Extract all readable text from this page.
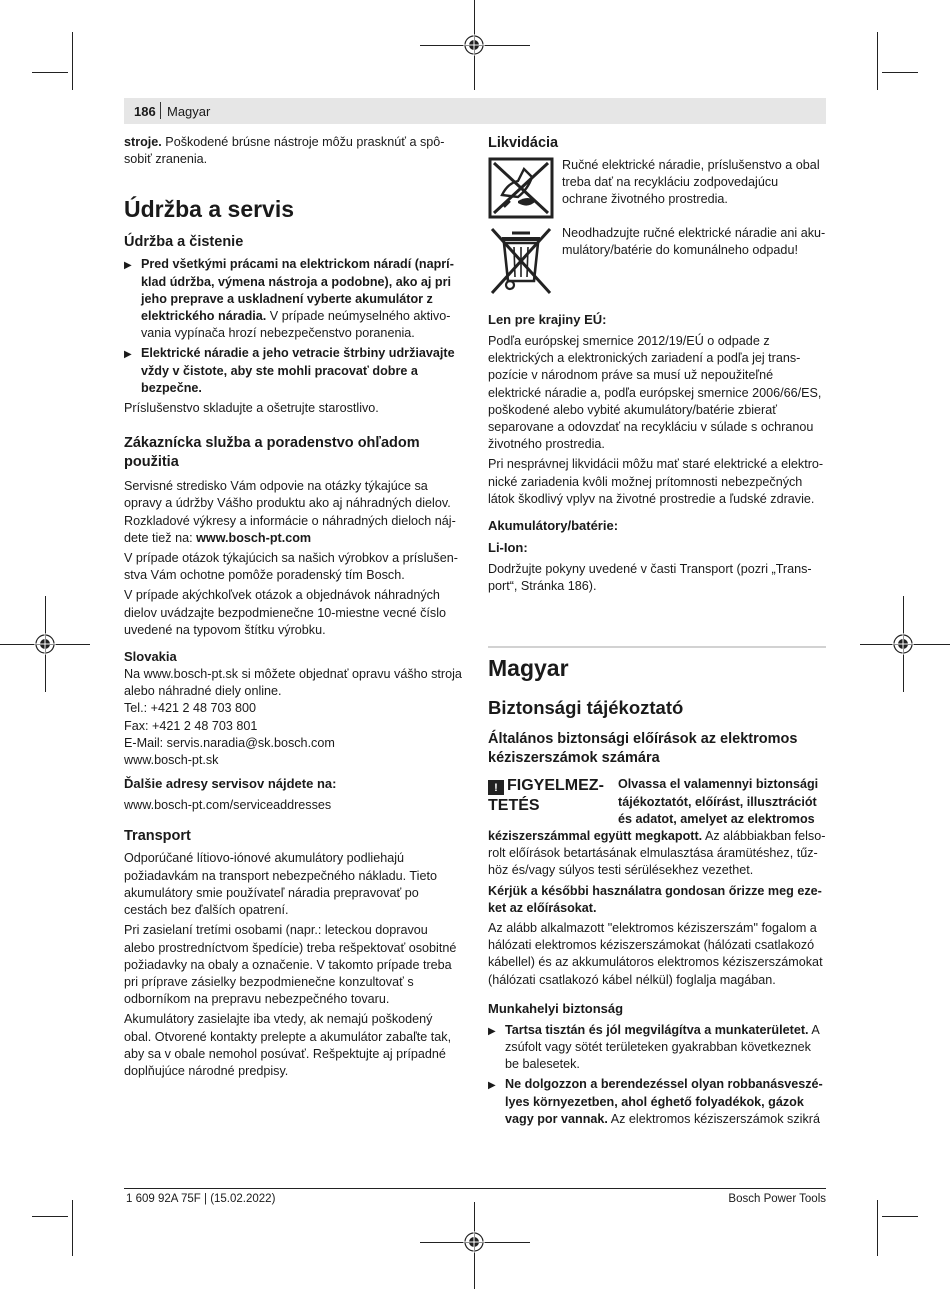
186 Magyar

stroje. Poškodené brúsne nástroje môžu prasknúť a spôsobiť zranenia.

Údržba a servis
Údržba a čistenie
▶ Pred všetkými prácami na elektrickom náradí (napríklad údržba, výmena nástroja a podobne), ako aj pri jeho preprave a uskladnení vyberte akumulátor z elektrického náradia. V prípade neúmyselného aktivovania vypínača hrozí nebezpečenstvo poranenia.
▶ Elektrické náradie a jeho vetracie štrbiny udržiavajte vždy v čistote, aby ste mohli pracovať dobre a bezpečne.

Príslušenstvo skladujte a ošetrujte starostlivo.

Zákaznícka služba a poradenstvo ohľadom použitia

Servisné stredisko Vám odpovie na otázky týkajúce sa opravy a údržby Vášho produktu ako aj náhradných dielov. Rozkladové výkresy a informácie o náhradných dieloch nájdete tiež na: www.bosch-pt.com

V prípade otázok týkajúcich sa našich výrobkov a príslušenstva Vám ochotne pomôže poradenský tím Bosch.

V prípade akýchkoľvek otázok a objednávok náhradných dielov uvádzajte bezpodmienečne 10-miestne vecné číslo uvedené na typovom štítku výrobku.

Slovakia
Na www.bosch-pt.sk si môžete objednať opravu vášho stroja alebo náhradné diely online.
Tel.: +421 2 48 703 800
Fax: +421 2 48 703 801
E-Mail: servis.naradia@sk.bosch.com
www.bosch-pt.sk
Ďalšie adresy servisov nájdete na:

www.bosch-pt.com/serviceaddresses

Transport

Odporúčané lítiovo-iónové akumulátory podliehajú požiadavkám na transport nebezpečného nákladu. Tieto akumulátory smie používateľ náradia prepravovať po cestách bez ďalších opatrení.

Pri zasielaní tretími osobami (napr.: leteckou dopravou alebo prostredníctvom špedície) treba rešpektovať osobitné požiadavky na obaly a označenie. V takomto prípade treba pri príprave zásielky bezpodmienečne konzultovať s odborníkom na prepravu nebezpečného tovaru.

Akumulátory zasielajte iba vtedy, ak nemajú poškodený obal. Otvorené kontakty prelepte a akumulátor zabaľte tak, aby sa v obale nemohol posúvať. Rešpektujte aj prípadné doplňujúce národné predpisy.

Likvidácia
Ručné elektrické náradie, príslušenstvo a obal treba dať na recykláciu zodpovedajúcu ochrane životného prostredia.
Neodhadzujte ručné elektrické náradie ani akumulátory/batérie do komunálneho odpadu!
Len pre krajiny EÚ:

Podľa európskej smernice 2012/19/EÚ o odpade z elektrických a elektronických zariadení a podľa jej transpozície v národnom práve sa musí už nepoužiteľné elektrické náradie a, podľa európskej smernice 2006/66/ES, poškodené alebo vybité akumulátory/batérie zbierať separovane a odovzdať na recykláciu v súlade s ochranou životného prostredia.

Pri nesprávnej likvidácii môžu mať staré elektrické a elektronické zariadenia kvôli možnej prítomnosti nebezpečných látok škodlivý vplyv na životné prostredie a ľudské zdravie.

Akumulátory/batérie:
Li-Ion:

Dodržujte pokyny uvedené v časti Transport (pozri „Transport“, Stránka 186).

Magyar
Biztonsági tájékoztató
Általános biztonsági előírások az elektromos kéziszerszámok számára
! FIGYELMEZTETÉS

Olvassa el valamennyi biztonsági tájékoztatót, előírást, illusztrációt és adatot, amelyet az elektromos kéziszerszámmal együtt megkapott. Az alábbiakban felsorolt előírások betartásának elmulasztása áramütéshez, tűzhöz és/vagy súlyos testi sérülésekhez vezethet.

Kérjük a későbbi használatra gondosan őrizze meg ezeket az előírásokat.

Az alább alkalmazott "elektromos kéziszerszám" fogalom a hálózati elektromos kéziszerszámokat (hálózati csatlakozó kábellel) és az akkumulátoros elektromos kéziszerszámokat (hálózati csatlakozó kábel nélkül) foglalja magában.

Munkahelyi biztonság
▶ Tartsa tisztán és jól megvilágítva a munkaterületet. A zsúfolt vagy sötét területeken gyakrabban következnek be balesetek.
▶ Ne dolgozzon a berendezéssel olyan robbanásveszélyes környezetben, ahol éghető folyadékok, gázok vagy por vannak. Az elektromos kéziszerszámok szikrá
1 609 92A 75F | (15.02.2022)	Bosch Power Tools
